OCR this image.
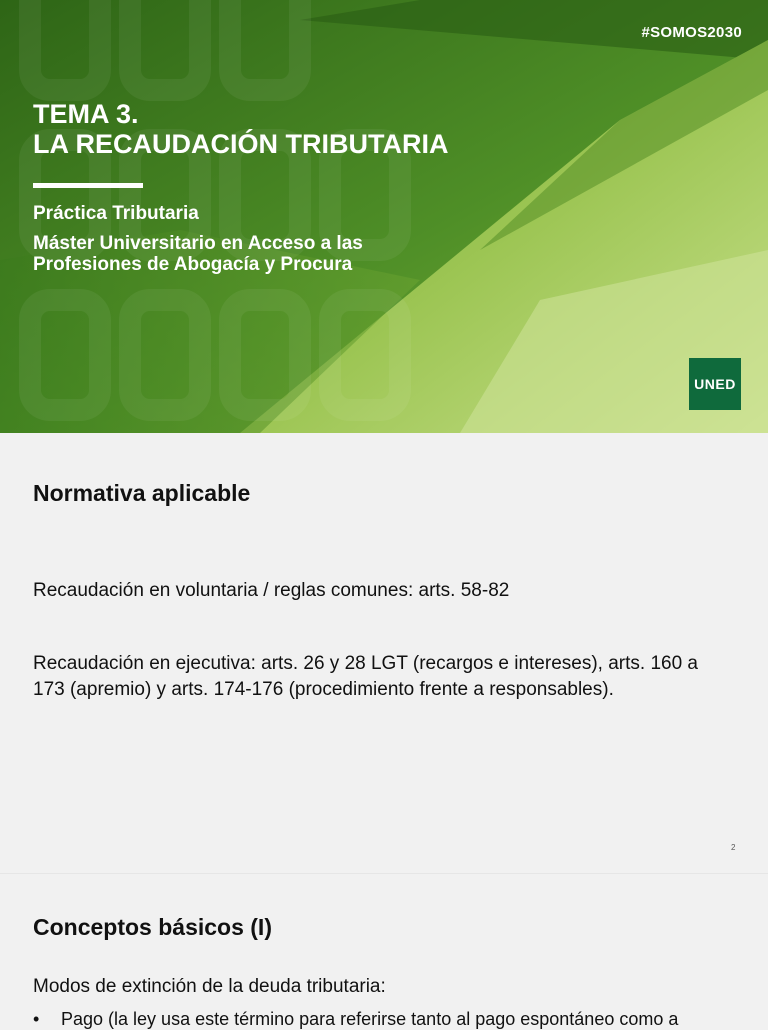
#SOMOS2030
TEMA 3.
LA RECAUDACIÓN TRIBUTARIA
Práctica Tributaria
Máster Universitario en Acceso a las Profesiones de Abogacía y Procura
UNED
Normativa aplicable
Recaudación en voluntaria / reglas comunes: arts. 58-82
Recaudación en ejecutiva: arts. 26 y 28 LGT (recargos e intereses), arts. 160 a 173 (apremio) y arts. 174-176 (procedimiento frente a responsables).
2
Conceptos básicos (I)
Modos de extinción de la deuda tributaria:
• Pago (la ley usa este término para referirse tanto al pago espontáneo como a
